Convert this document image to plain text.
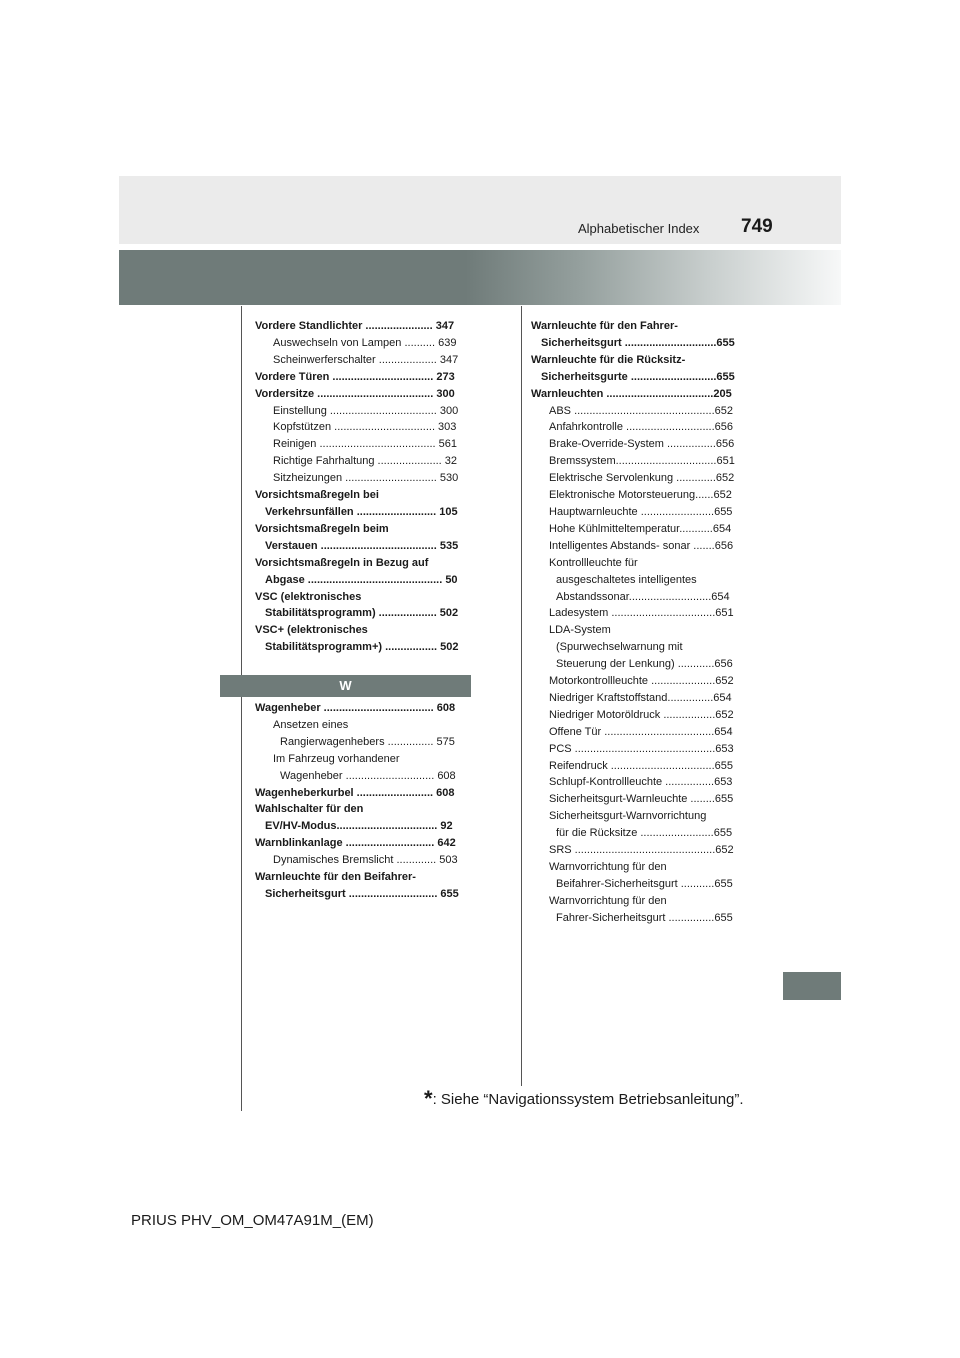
Alphabetischer Index 749
Vordere Standlichter ...................... 347
Auswechseln von Lampen .......... 639
Scheinwerferschalter ................... 347
Vordere Türen ................................. 273
Vordersitze ...................................... 300
Einstellung ................................... 300
Kopfstützen ................................. 303
Reinigen ...................................... 561
Richtige Fahrhaltung ..................... 32
Sitzheizungen .............................. 530
Vorsichtsmaßregeln bei
Verkehrsunfällen .......................... 105
Vorsichtsmaßregeln beim
Verstauen ...................................... 535
Vorsichtsmaßregeln in Bezug auf
Abgase ............................................ 50
VSC (elektronisches
Stabilitätsprogramm) ................... 502
VSC+ (elektronisches
Stabilitätsprogramm+) ................. 502
W
Wagenheber .................................... 608
Ansetzen eines
Rangierwagenhebers ............... 575
Im Fahrzeug vorhandener
Wagenheber ............................. 608
Wagenheberkurbel ......................... 608
Wahlschalter für den
EV/HV-Modus................................. 92
Warnblinkanlage ............................. 642
Dynamisches Bremslicht ............. 503
Warnleuchte für den Beifahrer-
Sicherheitsgurt ............................. 655
Warnleuchte für den Fahrer-
Sicherheitsgurt ..............................655
Warnleuchte für die Rücksitz-
Sicherheitsgurte ............................655
Warnleuchten ...................................205
ABS ..............................................652
Anfahrkontrolle .............................656
Brake-Override-System ................656
Bremssystem.................................651
Elektrische Servolenkung .............652
Elektronische Motorsteuerung......652
Hauptwarnleuchte ........................655
Hohe Kühlmitteltemperatur...........654
Intelligentes Abstands- sonar .......656
Kontrollleuchte für
ausgeschaltetes intelligentes
Abstandssonar...........................654
Ladesystem ..................................651
LDA-System
(Spurwechselwarnung mit
Steuerung der Lenkung) ............656
Motorkontrollleuchte .....................652
Niedriger Kraftstoffstand...............654
Niedriger Motoröldruck .................652
Offene Tür ....................................654
PCS ..............................................653
Reifendruck ..................................655
Schlupf-Kontrollleuchte ................653
Sicherheitsgurt-Warnleuchte ........655
Sicherheitsgurt-Warnvorrichtung
für die Rücksitze ........................655
SRS ..............................................652
Warnvorrichtung für den
Beifahrer-Sicherheitsgurt ...........655
Warnvorrichtung für den
Fahrer-Sicherheitsgurt ...............655
*: Siehe “Navigationssystem Betriebsanleitung”.
PRIUS PHV_OM_OM47A91M_(EM)
